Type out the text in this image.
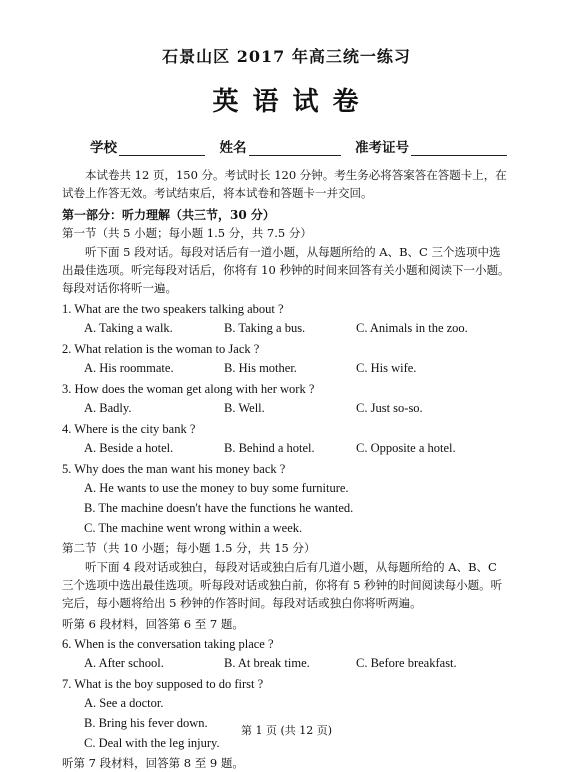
石景山区 2017 年高三统一练习

英语试卷

学校	姓名	准考证号

本试卷共 12 页，150 分。考试时长 120 分钟。考生务必将答案答在答题卡上，在试卷上作答无效。考试结束后，将本试卷和答题卡一并交回。

第一部分：听力理解（共三节，30 分）

第一节（共 5 小题；每小题 1.5 分，共 7.5 分）

听下面 5 段对话。每段对话后有一道小题，从每题所给的 A、B、C 三个选项中选出最佳选项。听完每段对话后，你将有 10 秒钟的时间来回答有关小题和阅读下一小题。每段对话你将听一遍。

1. What are the two speakers talking about ?

A. Taking a walk.	B. Taking a bus.	C. Animals in the zoo.

2. What relation is the woman to Jack ?

A. His roommate.	B. His mother.	C. His wife.

3. How does the woman get along with her work ?

A. Badly.	B. Well.	C. Just so-so.

4. Where is the city bank ?

A. Beside a hotel.	B. Behind a hotel.	C. Opposite a hotel.

5. Why does the man want his money back ?

A. He wants to use the money to buy some furniture.
B. The machine doesn't have the functions he wanted.
C. The machine went wrong within a week.

第二节（共 10 小题；每小题 1.5 分，共 15 分）

听下面 4 段对话或独白，每段对话或独白后有几道小题，从每题所给的 A、B、C 三个选项中选出最佳选项。听每段对话或独白前，你将有 5 秒钟的时间阅读每小题。听完后，每小题将给出 5 秒钟的作答时间。每段对话或独白你将听两遍。

听第 6 段材料，回答第 6 至 7 题。

6. When is the conversation taking place ?

A. After school.	B. At break time.	C. Before breakfast.

7. What is the boy supposed to do first ?

A. See a doctor.
B. Bring his fever down.
C. Deal with the leg injury.

听第 7 段材料，回答第 8 至 9 题。

第 1 页 (共 12 页)
